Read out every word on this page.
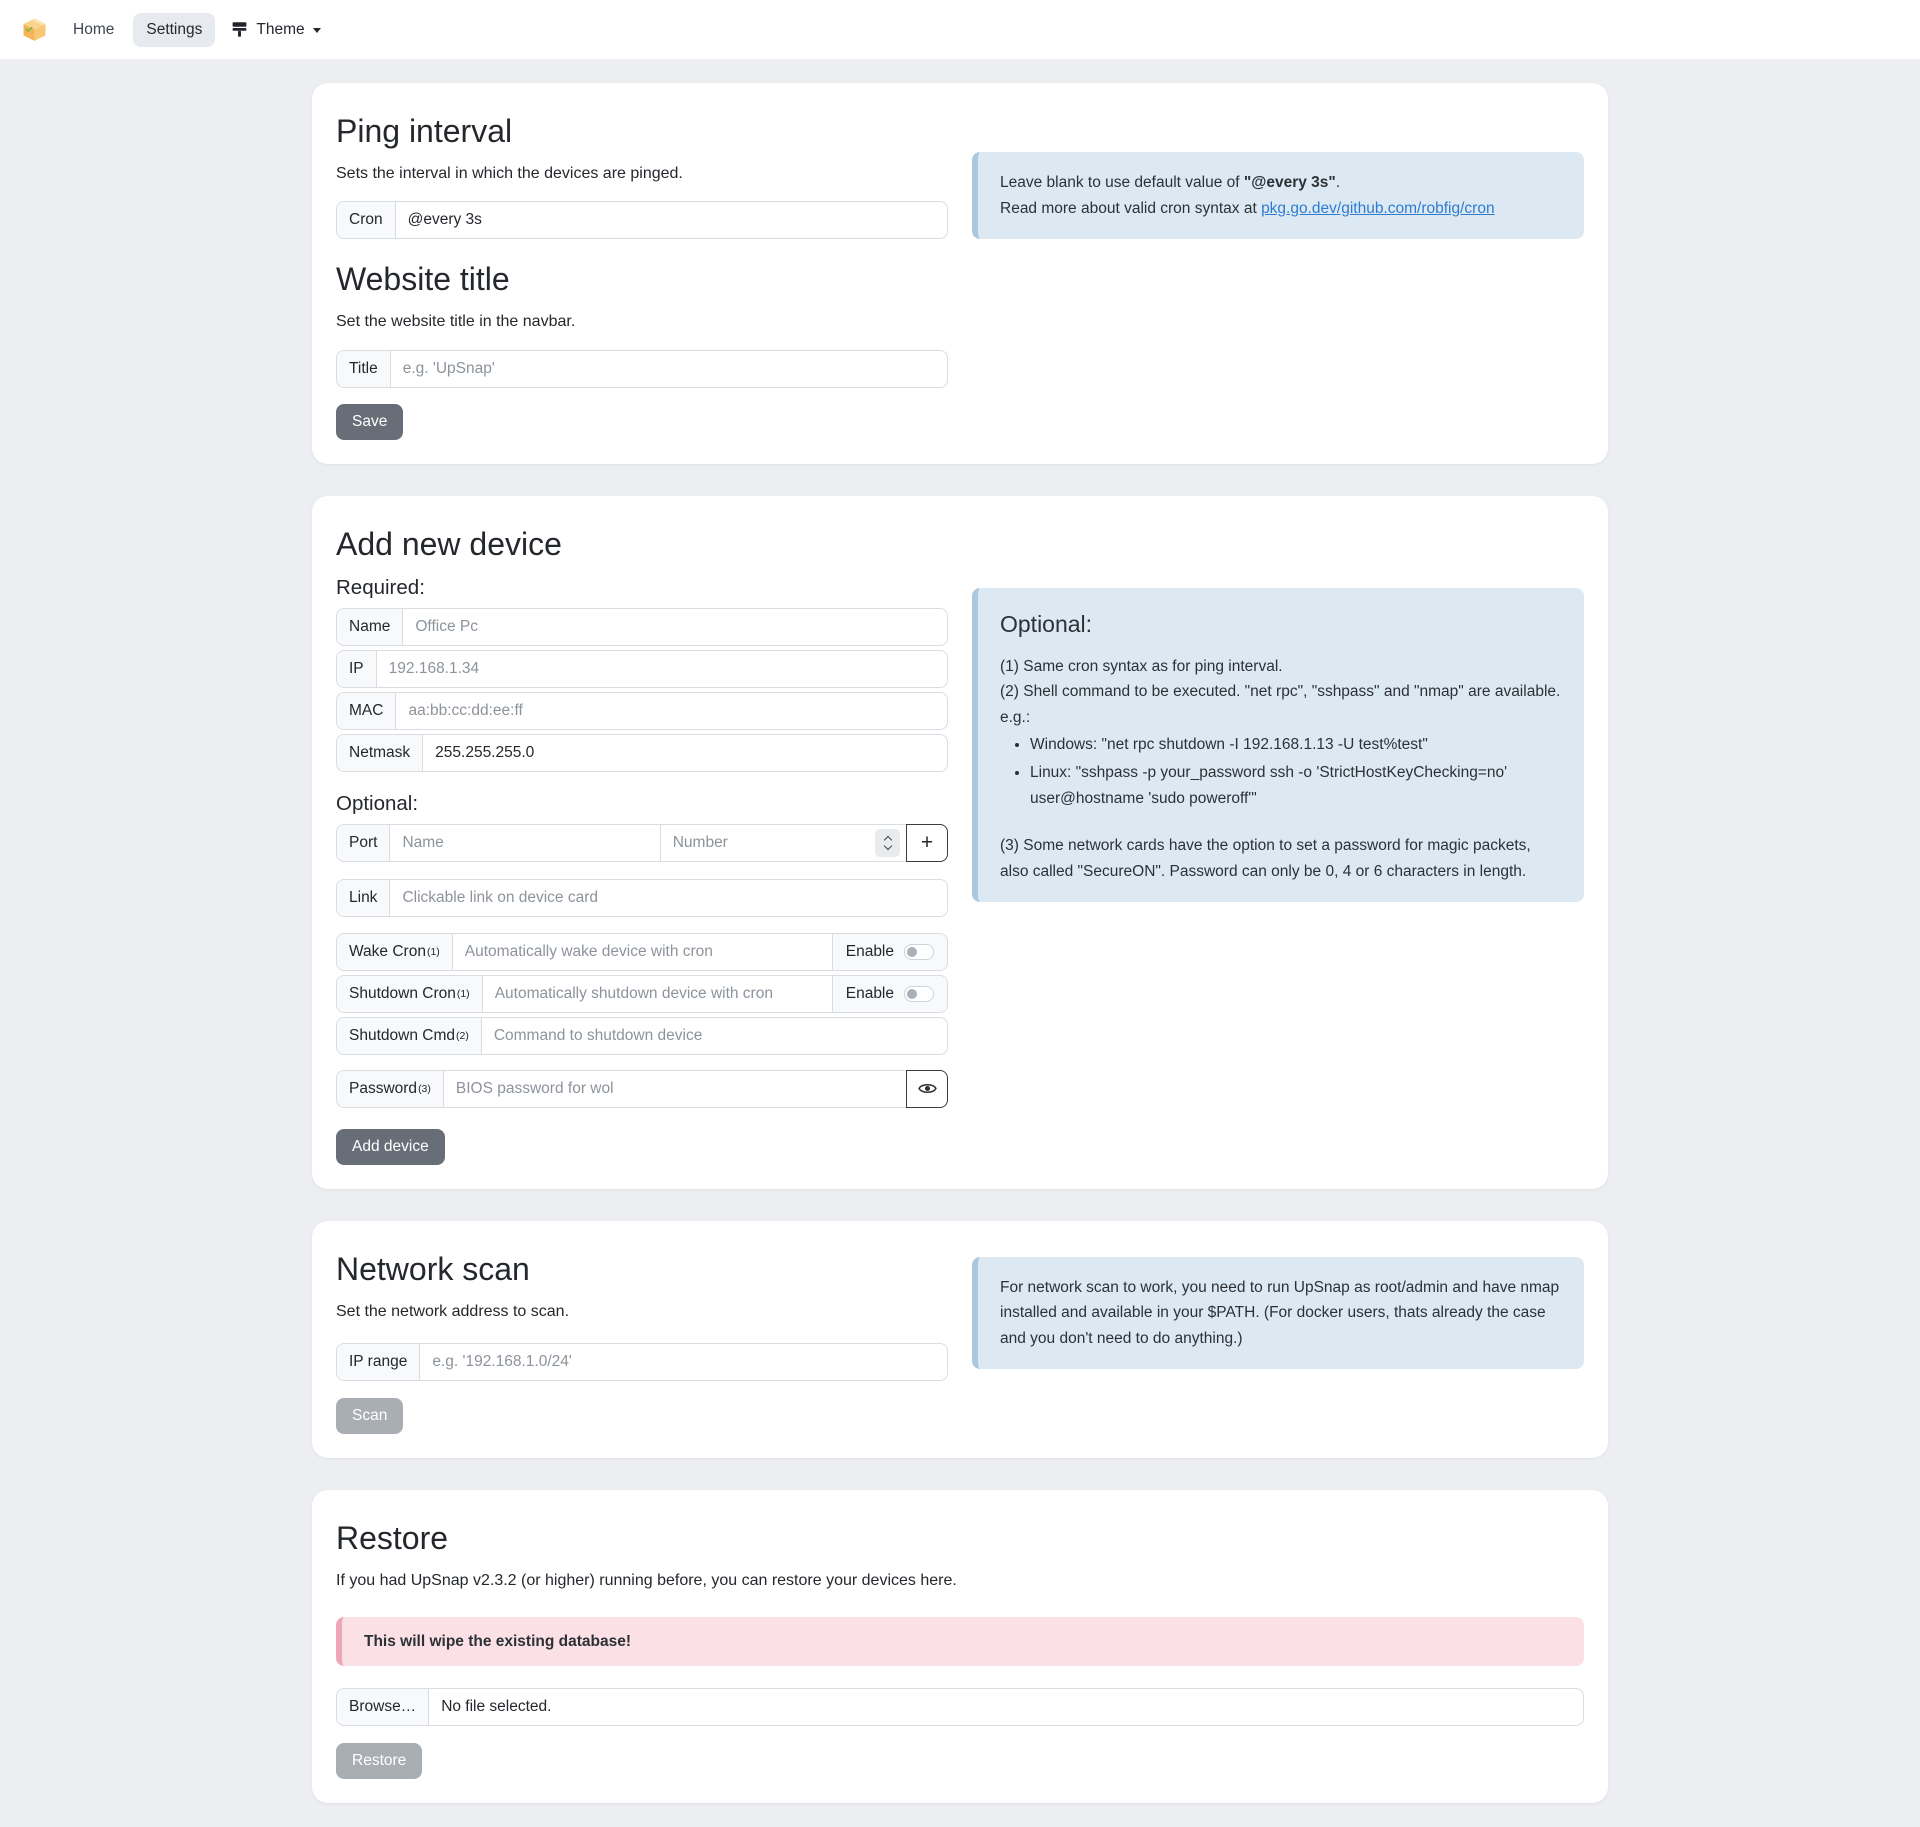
Home	Settings	Theme
Ping interval

Sets the interval in which the devices are pinged.

Cron
@every 3s
Website title

Set the website title in the navbar.

Title
e.g. 'UpSnap'
Save
Leave blank to use default value of "@every 3s".
Read more about valid cron syntax at pkg.go.dev/github.com/robfig/cron
Add new device

Required:

Name
Office Pc
IP
192.168.1.34
MAC
aa:bb:cc:dd:ee:ff
Netmask
255.255.255.0

Optional:

Port
Name
Number	+
Link
Clickable link on device card
Wake Cron (1)
Automatically wake device with cron	Enable
Shutdown Cron (1)
Automatically shutdown device with cron	Enable
Shutdown Cmd (2)
Command to shutdown device
Password (3)
BIOS password for wol
Add device
Optional:
(1) Same cron syntax as for ping interval.
(2) Shell command to be executed. "net rpc", "sshpass" and "nmap" are available. e.g.:
• Windows: "net rpc shutdown -I 192.168.1.13 -U test%test"
• Linux: "sshpass -p your_password ssh -o 'StrictHostKeyChecking=no' user@hostname 'sudo poweroff'"
(3) Some network cards have the option to set a password for magic packets, also called "SecureON". Password can only be 0, 4 or 6 characters in length.
Network scan

Set the network address to scan.

IP range
e.g. '192.168.1.0/24'
Scan
For network scan to work, you need to run UpSnap as root/admin and have nmap installed and available in your $PATH. (For docker users, thats already the case and you don't need to do anything.)
Restore

If you had UpSnap v2.3.2 (or higher) running before, you can restore your devices here.

This will wipe the existing database!
Browse…	No file selected.
Restore
